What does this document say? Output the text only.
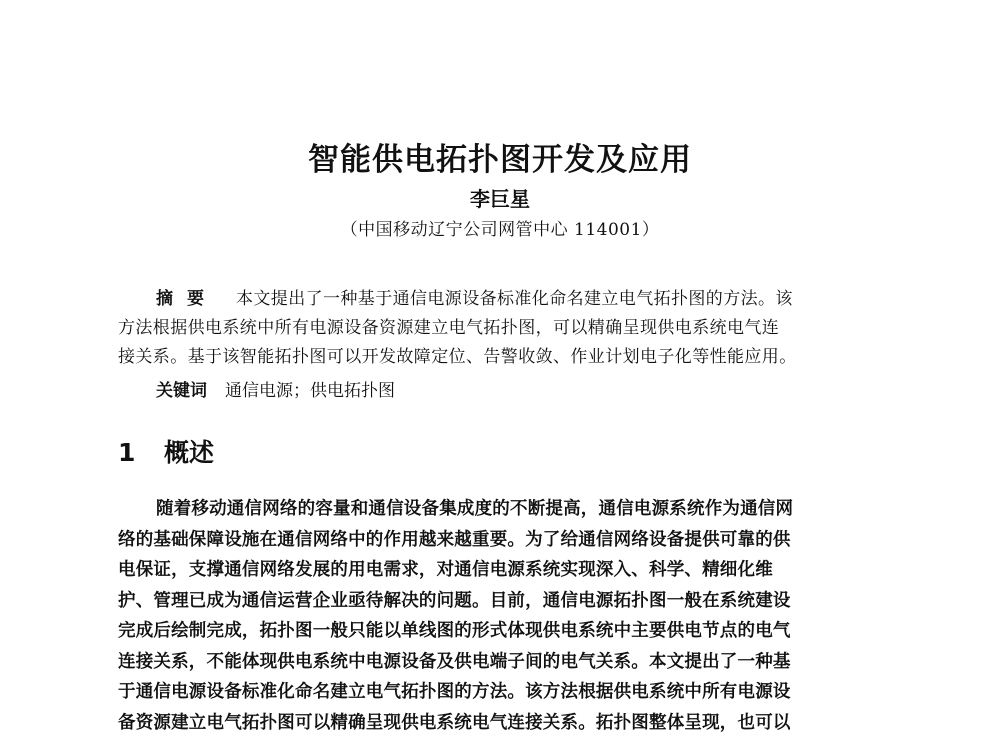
智能供电拓扑图开发及应用
李巨星
（中国移动辽宁公司网管中心 114001）
摘要 本文提出了一种基于通信电源设备标准化命名建立电气拓扑图的方法。该
方法根据供电系统中所有电源设备资源建立电气拓扑图，可以精确呈现供电系统电气连
接关系。基于该智能拓扑图可以开发故障定位、告警收敛、作业计划电子化等性能应用。
关键词 通信电源；供电拓扑图
1 概述
随着移动通信网络的容量和通信设备集成度的不断提高，通信电源系统作为通信网
络的基础保障设施在通信网络中的作用越来越重要。为了给通信网络设备提供可靠的供
电保证，支撑通信网络发展的用电需求，对通信电源系统实现深入、科学、精细化维
护、管理已成为通信运营企业亟待解决的问题。目前，通信电源拓扑图一般在系统建设
完成后绘制完成，拓扑图一般只能以单线图的形式体现供电系统中主要供电节点的电气
连接关系，不能体现供电系统中电源设备及供电端子间的电气关系。本文提出了一种基
于通信电源设备标准化命名建立电气拓扑图的方法。该方法根据供电系统中所有电源设
备资源建立电气拓扑图可以精确呈现供电系统电气连接关系。拓扑图整体呈现，也可以
